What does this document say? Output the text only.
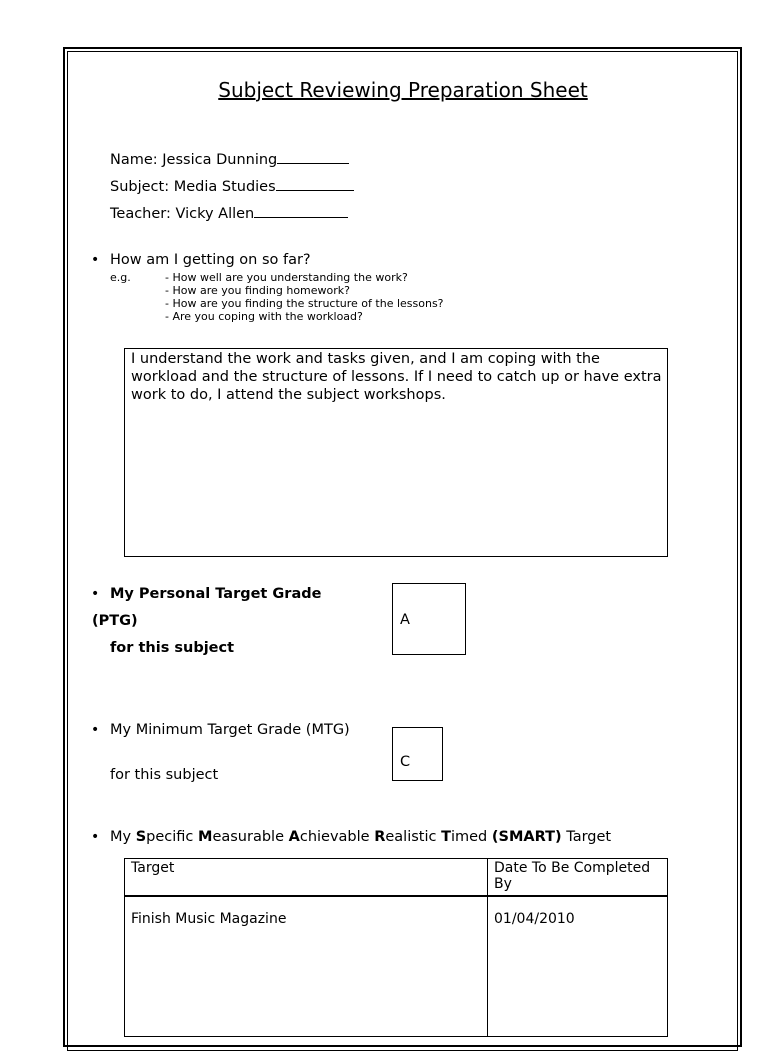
Subject Reviewing Preparation Sheet
Name: Jessica Dunning
Subject: Media Studies
Teacher: Vicky Allen
• How am I getting on so far?
e.g.	- How well are you understanding the work?
- How are you finding homework?
- How are you finding the structure of the lessons?
- Are you coping with the workload?
I understand the work and tasks given, and I am coping with the workload and the structure of lessons. If I need to catch up or have extra work to do, I attend the subject workshops.
• My Personal Target Grade
(PTG)
for this subject
A
• My Minimum Target Grade (MTG)
for this subject
C
• My Specific Measurable Achievable Realistic Timed (SMART) Target
Target	Date To Be Completed By
Finish Music Magazine	01/04/2010
